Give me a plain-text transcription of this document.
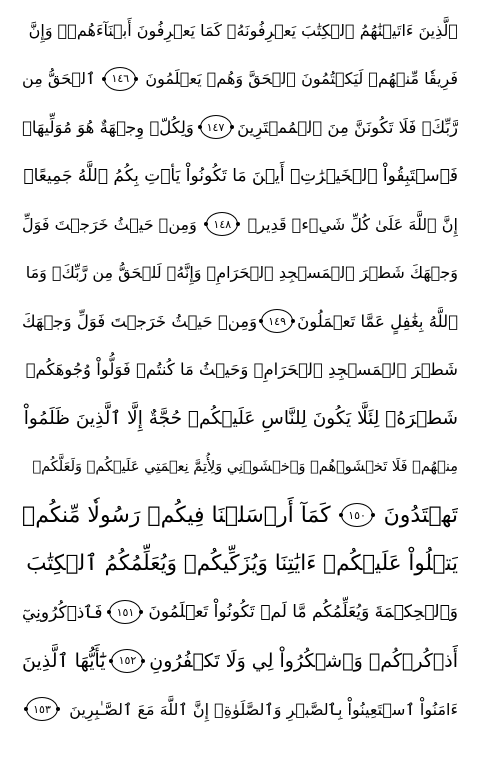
ٱلَّذِينَ ءَاتَيۡنَٰهُمُ ٱلۡكِتَٰبَ يَعۡرِفُونَهُۥ كَمَا يَعۡرِفُونَ أَبۡنَآءَهُمۡۖ وَإِنَّ
فَرِيقٗا مِّنۡهُمۡ لَيَكۡتُمُونَ ٱلۡحَقَّ وَهُمۡ يَعۡلَمُونَ
١٤٦
ٱلۡحَقُّ مِن
رَّبِّكَۖ فَلَا تَكُونَنَّ مِنَ ٱلۡمُمۡتَرِينَ
١٤٧
وَلِكُلّٖ وِجۡهَةٌ هُوَ مُوَلِّيهَاۖ
فَٱسۡتَبِقُواْ ٱلۡخَيۡرَٰتِۚ أَيۡنَ مَا تَكُونُواْ يَأۡتِ بِكُمُ ٱللَّهُ جَمِيعًاۚ
إِنَّ ٱللَّهَ عَلَىٰ كُلِّ شَيۡءٖ قَدِيرٞ
١٤٨
وَمِنۡ حَيۡثُ خَرَجۡتَ فَوَلِّ
وَجۡهَكَ شَطۡرَ ٱلۡمَسۡجِدِ ٱلۡحَرَامِۖ وَإِنَّهُۥ لَلۡحَقُّ مِن رَّبِّكَۗ وَمَا
ٱللَّهُ بِغَٰفِلٍ عَمَّا تَعۡمَلُونَ
١٤٩
وَمِنۡ حَيۡثُ خَرَجۡتَ فَوَلِّ وَجۡهَكَ
شَطۡرَ ٱلۡمَسۡجِدِ ٱلۡحَرَامِۚ وَحَيۡثُ مَا كُنتُمۡ فَوَلُّواْ وُجُوهَكُمۡ
شَطۡرَهُۥ لِئَلَّا يَكُونَ لِلنَّاسِ عَلَيۡكُمۡ حُجَّةٌ إِلَّا ٱلَّذِينَ ظَلَمُواْ
مِنۡهُمۡ فَلَا تَخۡشَوۡهُمۡ وَٱخۡشَوۡنِي وَلِأُتِمَّ نِعۡمَتِي عَلَيۡكُمۡ وَلَعَلَّكُمۡ
تَهۡتَدُونَ
١٥٠
كَمَآ أَرۡسَلۡنَا فِيكُمۡ رَسُولٗا مِّنكُمۡ
يَتۡلُواْ عَلَيۡكُمۡ ءَايَٰتِنَا وَيُزَكِّيكُمۡ وَيُعَلِّمُكُمُ ٱلۡكِتَٰبَ
وَٱلۡحِكۡمَةَ وَيُعَلِّمُكُم مَّا لَمۡ تَكُونُواْ تَعۡلَمُونَ
١٥١
فَٱذۡكُرُونِيٓ
أَذۡكُرۡكُمۡ وَٱشۡكُرُواْ لِي وَلَا تَكۡفُرُونِ
١٥٢
يَٰٓأَيُّهَا ٱلَّذِينَ
ءَامَنُواْ ٱسۡتَعِينُواْ بِٱلصَّبۡرِ وَٱلصَّلَوٰةِۚ إِنَّ ٱللَّهَ مَعَ ٱلصَّـٰبِرِينَ
١٥٣
